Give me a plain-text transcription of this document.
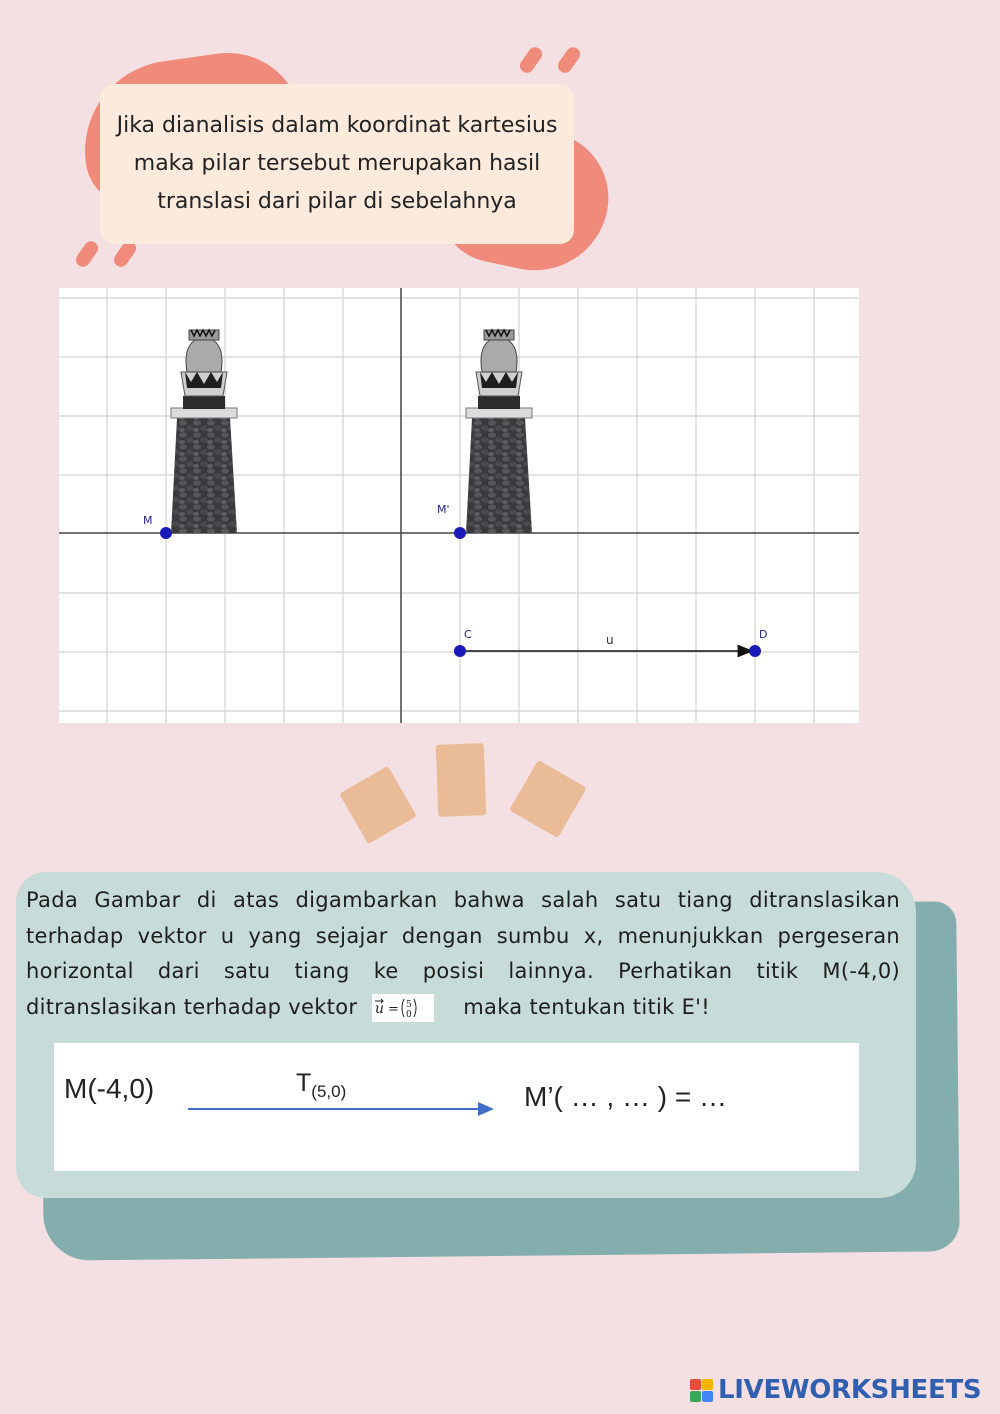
Jika dianalisis dalam koordinat kartesius maka pilar tersebut merupakan hasil translasi dari pilar di sebelahnya

M
M'
C	D
u
Pada Gambar di atas digambarkan bahwa salah satu tiang ditranslasikan terhadap vektor u yang sejajar dengan sumbu x, menunjukkan pergeseran horizontal dari satu tiang ke posisi lainnya. Perhatikan titik M(-4,0) ditranslasikan terhadap vektor u = 5
0 maka tentukan titik E'!
M(-4,0)	$T_{(5,0)}$	M’( … , … ) = …
LIVEWORKSHEETS
